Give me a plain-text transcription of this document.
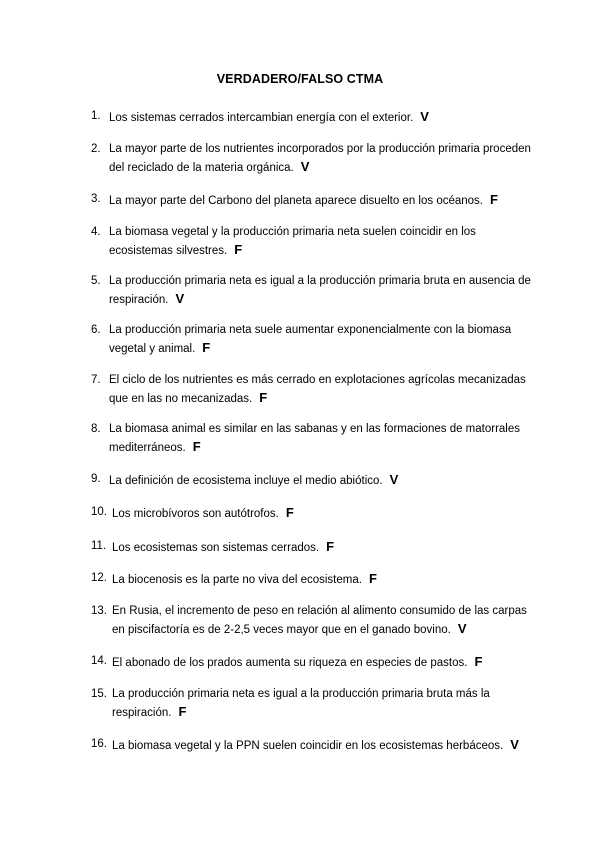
VERDADERO/FALSO CTMA
1. Los sistemas cerrados intercambian energía con el exterior. V
2. La mayor parte de los nutrientes incorporados por la producción primaria proceden del reciclado de la materia orgánica. V
3. La mayor parte del Carbono del planeta aparece disuelto en los océanos. F
4. La biomasa vegetal y la producción primaria neta suelen coincidir en los ecosistemas silvestres. F
5. La producción primaria neta es igual a la producción primaria bruta en ausencia de respiración. V
6. La producción primaria neta suele aumentar exponencialmente con la biomasa vegetal y animal. F
7. El ciclo de los nutrientes es más cerrado en explotaciones agrícolas mecanizadas que en las no mecanizadas. F
8. La biomasa animal es similar en las sabanas y en las formaciones de matorrales mediterráneos. F
9. La definición de ecosistema incluye el medio abiótico. V
10. Los microbívoros son autótrofos. F
11. Los ecosistemas son sistemas cerrados. F
12. La biocenosis es la parte no viva del ecosistema. F
13. En Rusia, el incremento de peso en relación al alimento consumido de las carpas en piscifactoría es de 2-2,5 veces mayor que en el ganado bovino. V
14. El abonado de los prados aumenta su riqueza en especies de pastos. F
15. La producción primaria neta es igual a la producción primaria bruta más la respiración. F
16. La biomasa vegetal y la PPN suelen coincidir en los ecosistemas herbáceos. V
